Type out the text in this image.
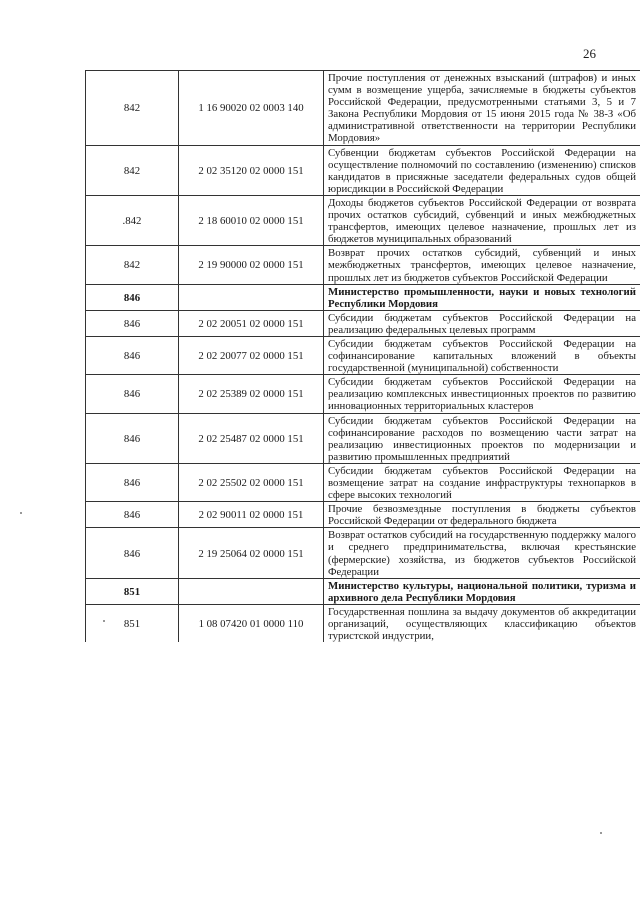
26
842	1 16 90020 02 0003 140	Прочие поступления от денежных взысканий (штрафов) и иных сумм в возмещение ущерба, зачисляемые в бюджеты субъектов Российской Федерации, предусмотренными статьями 3, 5 и 7 Закона Республики Мордовия от 15 июня 2015 года № 38-З «Об административной ответственности на территории Республики Мордовия»
842	2 02 35120 02 0000 151	Субвенции бюджетам субъектов Российской Федерации на осуществление полномочий по составлению (изменению) списков кандидатов в присяжные заседатели федеральных судов общей юрисдикции в Российской Федерации
.842	2 18 60010 02 0000 151	Доходы бюджетов субъектов Российской Федерации от возврата прочих остатков субсидий, субвенций и иных межбюджетных трансфертов, имеющих целевое назначение, прошлых лет из бюджетов муниципальных образований
842	2 19 90000 02 0000 151	Возврат прочих остатков субсидий, субвенций и иных межбюджетных трансфертов, имеющих целевое назначение, прошлых лет из бюджетов субъектов Российской Федерации
846		Министерство промышленности, науки и новых технологий Республики Мордовия
846	2 02 20051 02 0000 151	Субсидии бюджетам субъектов Российской Федерации на реализацию федеральных целевых программ
846	2 02 20077 02 0000 151	Субсидии бюджетам субъектов Российской Федерации на софинансирование капитальных вложений в объекты государственной (муниципальной) собственности
846	2 02 25389 02 0000 151	Субсидии бюджетам субъектов Российской Федерации на реализацию комплексных инвестиционных проектов по развитию инновационных территориальных кластеров
846	2 02 25487 02 0000 151	Субсидии бюджетам субъектов Российской Федерации на софинансирование расходов по возмещению части затрат на реализацию инвестиционных проектов по модернизации и развитию промышленных предприятий
846	2 02 25502 02 0000 151	Субсидии бюджетам субъектов Российской Федерации на возмещение затрат на создание инфраструктуры технопарков в сфере высоких технологий
846	2 02 90011 02 0000 151	Прочие безвозмездные поступления в бюджеты субъектов Российской Федерации от федерального бюджета
846	2 19 25064 02 0000 151	Возврат остатков субсидий на государственную поддержку малого и среднего предпринимательства, включая крестьянские (фермерские) хозяйства, из бюджетов субъектов Российской Федерации
851		Министерство культуры, национальной политики, туризма и архивного дела Республики Мордовия
851	1 08 07420 01 0000 110	Государственная пошлина за выдачу документов об аккредитации организаций, осуществляющих классификацию объектов туристской индустрии,
